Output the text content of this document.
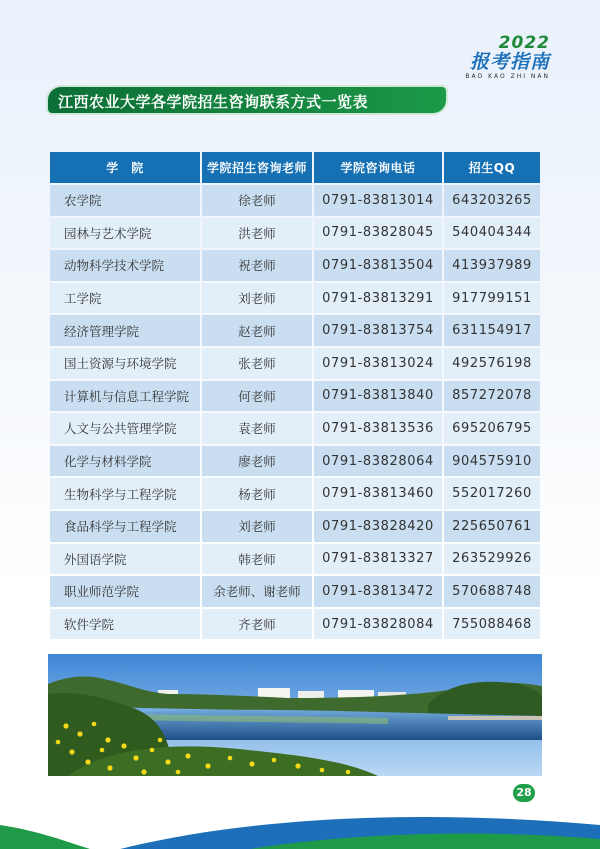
2022
报考指南
BAO KAO ZHI NAN
江西农业大学各学院招生咨询联系方式一览表
学　院	学院招生咨询老师	学院咨询电话	招生QQ
农学院	徐老师	0791-83813014	643203265
园林与艺术学院	洪老师	0791-83828045	540404344
动物科学技术学院	祝老师	0791-83813504	413937989
工学院	刘老师	0791-83813291	917799151
经济管理学院	赵老师	0791-83813754	631154917
国土资源与环境学院	张老师	0791-83813024	492576198
计算机与信息工程学院	何老师	0791-83813840	857272078
人文与公共管理学院	袁老师	0791-83813536	695206795
化学与材料学院	廖老师	0791-83828064	904575910
生物科学与工程学院	杨老师	0791-83813460	552017260
食品科学与工程学院	刘老师	0791-83828420	225650761
外国语学院	韩老师	0791-83813327	263529926
职业师范学院	余老师、谢老师	0791-83813472	570688748
软件学院	齐老师	0791-83828084	755088468
28
